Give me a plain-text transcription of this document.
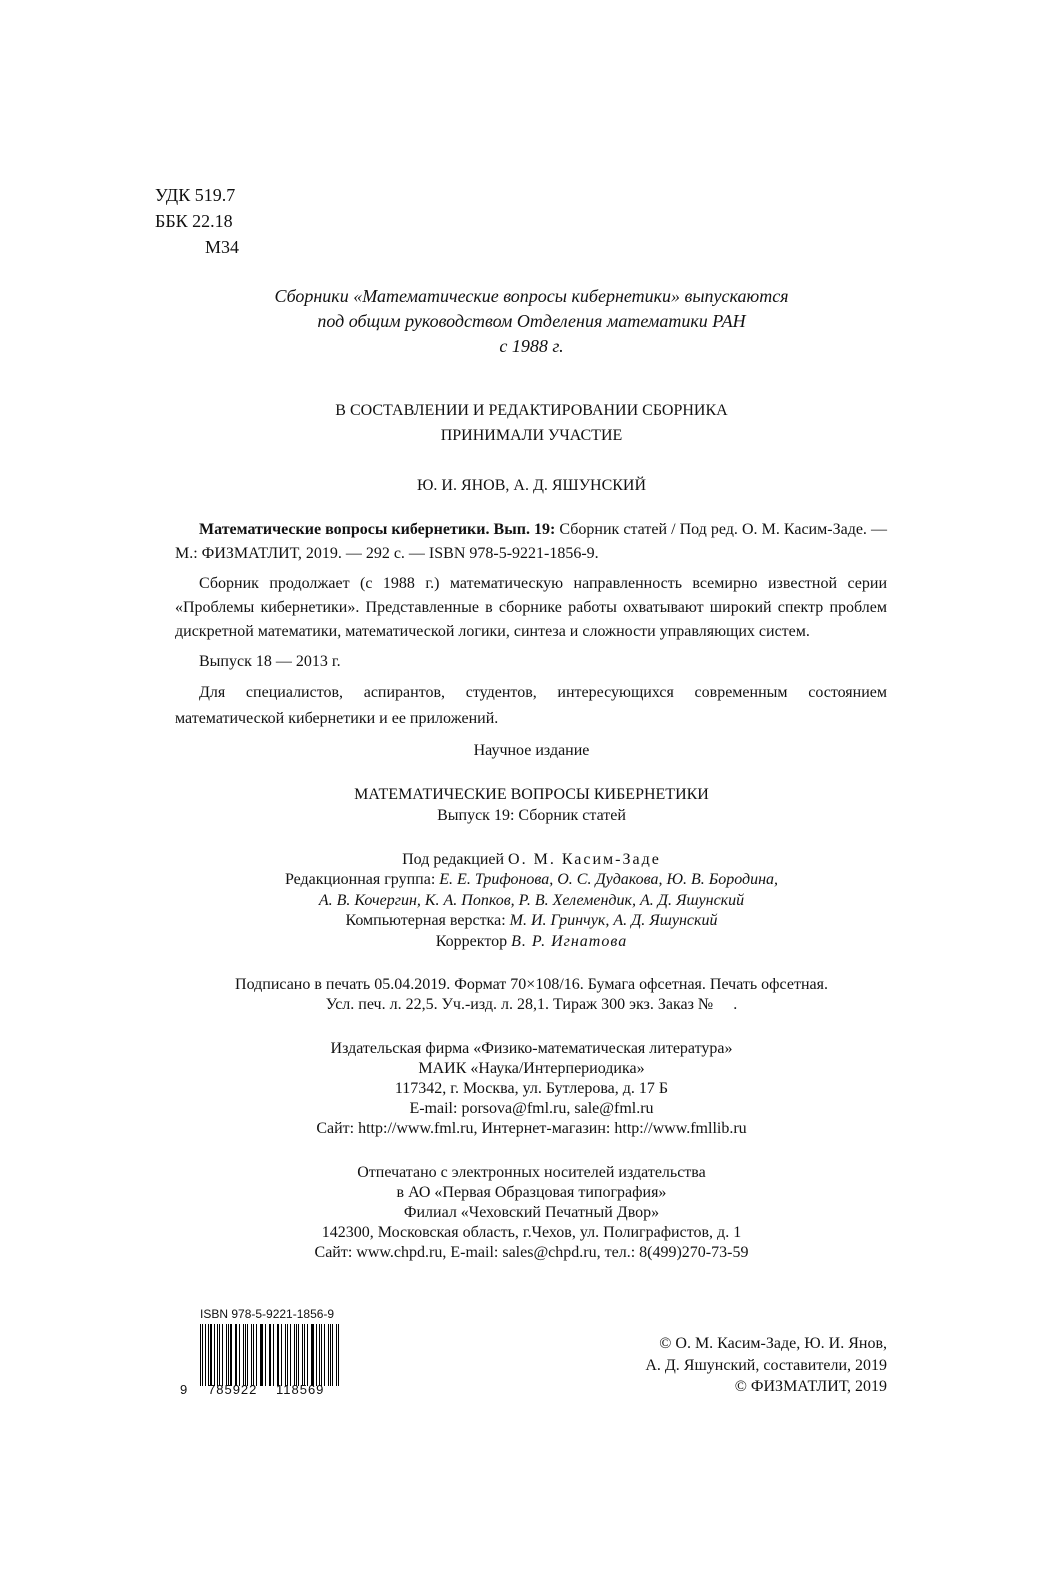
УДК 519.7
ББК 22.18
М34
Сборники «Математические вопросы кибернетики» выпускаются
под общим руководством Отделения математики РАН
с 1988 г.
В СОСТАВЛЕНИИ И РЕДАКТИРОВАНИИ СБОРНИКА
ПРИНИМАЛИ УЧАСТИЕ
Ю. И. ЯНОВ, А. Д. ЯШУНСКИЙ

Математические вопросы кибернетики. Вып. 19: Сборник статей / Под ред. О. М. Касим-Заде. — М.: ФИЗМАТЛИТ, 2019. — 292 с. — ISBN 978-5-9221-1856-9.

Сборник продолжает (с 1988 г.) математическую направленность всемирно известной серии «Проблемы кибернетики». Представленные в сборнике работы охватывают широкий спектр проблем дискретной математики, математической логики, синтеза и сложности управляющих систем.

Выпуск 18 — 2013 г.

Для специалистов, аспирантов, студентов, интересующихся современным состоянием математической кибернетики и ее приложений.

Научное издание
МАТЕМАТИЧЕСКИЕ ВОПРОСЫ КИБЕРНЕТИКИ
Выпуск 19: Сборник статей
Под редакцией О. М. Касим-Заде
Редакционная группа: Е. Е. Трифонова, О. С. Дудакова, Ю. В. Бородина,
А. В. Кочергин, К. А. Попков, Р. В. Хелемендик, А. Д. Яшунский
Компьютерная верстка: М. И. Гринчук, А. Д. Яшунский
Корректор В. Р. Игнатова
Подписано в печать 05.04.2019. Формат 70×108/16. Бумага офсетная. Печать офсетная.
Усл. печ. л. 22,5. Уч.-изд. л. 28,1. Тираж 300 экз. Заказ №     .
Издательская фирма «Физико-математическая литература»
МАИК «Наука/Интерпериодика»
117342, г. Москва, ул. Бутлерова, д. 17 Б
E-mail: porsova@fml.ru, sale@fml.ru
Сайт: http://www.fml.ru, Интернет-магазин: http://www.fmllib.ru
Отпечатано с электронных носителей издательства
в АО «Первая Образцовая типография»
Филиал «Чеховский Печатный Двор»
142300, Московская область, г.Чехов, ул. Полиграфистов, д. 1
Сайт: www.chpd.ru, E-mail: sales@chpd.ru, тел.: 8(499)270-73-59
ISBN 978-5-9221-1856-9
9 785922 118569
© О. М. Касим-Заде, Ю. И. Янов,
А. Д. Яшунский, составители, 2019
© ФИЗМАТЛИТ, 2019
